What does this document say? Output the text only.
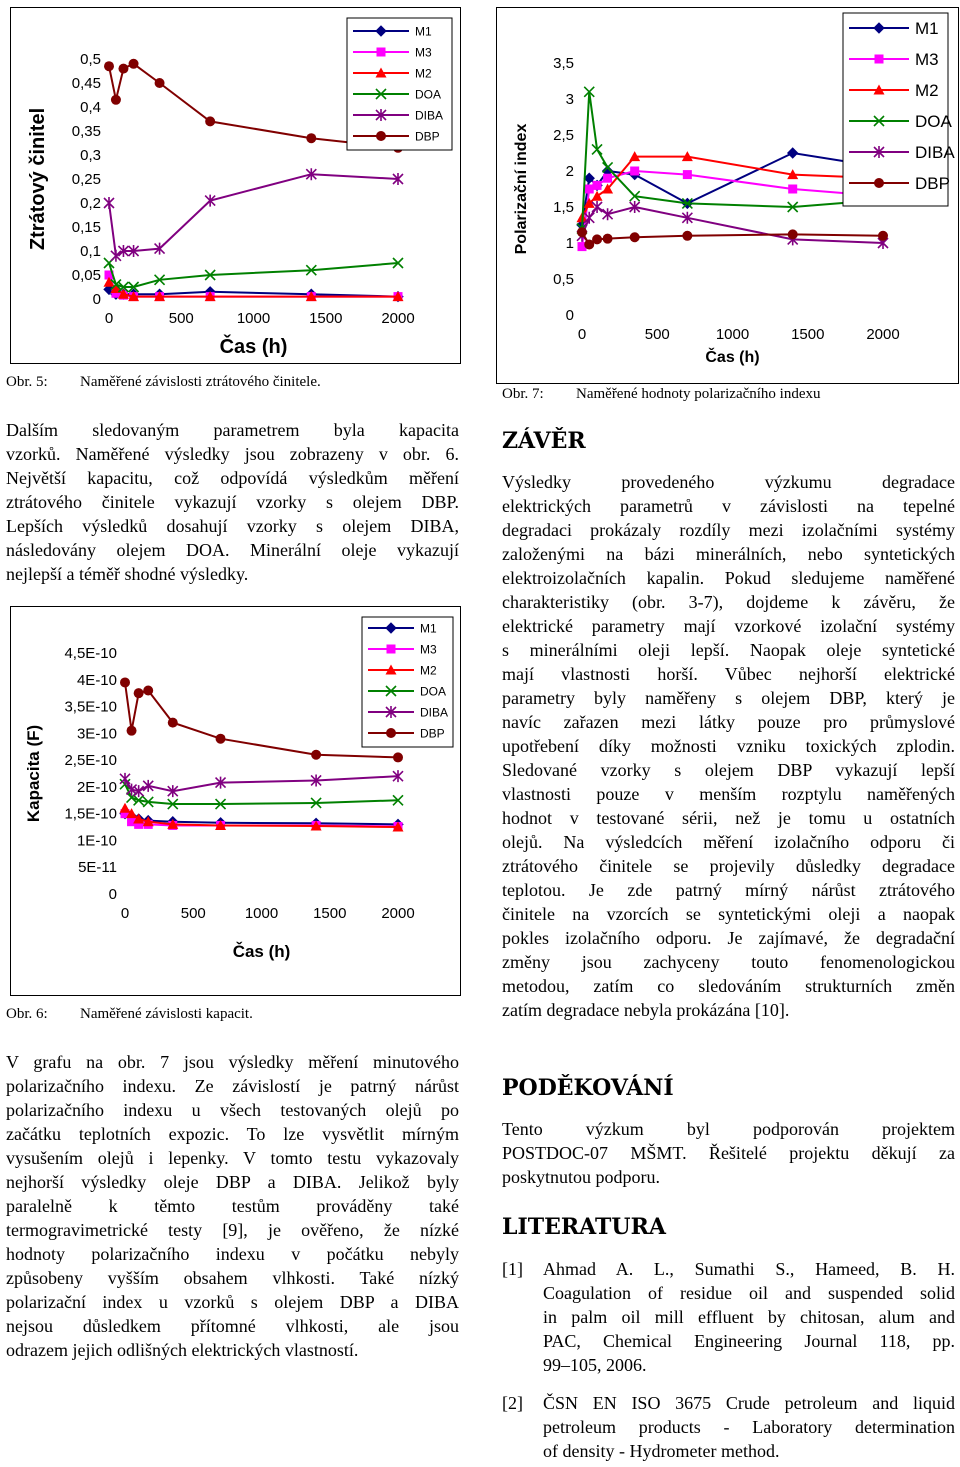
Ztrátový činitel
0,5
0,45
0,4
0,35
0,3
0,25
0,2
0,15
0,1
0,05
0
0	500	1000	1500	2000
Čas (h)
M1
M3
M2
DOA
DIBA
DBP
Obr. 5: Naměřené závislosti ztrátového činitele.
Polarizační index
3,5
3
2,5
2
1,5
1
0,5
0
0	500	1000	1500	2000
Čas (h)
M1
M3
M2
DOA
DIBA
DBP
Obr. 7: Naměřené hodnoty polarizačního indexu
Dalším sledovaným parametrem byla kapacita
vzorků. Naměřené výsledky jsou zobrazeny v obr. 6.
Největší kapacitu, což odpovídá výsledkům měření
ztrátového činitele vykazují vzorky s olejem DBP.
Lepších výsledků dosahují vzorky s olejem DIBA,
následovány olejem DOA. Minerální oleje vykazují
nejlepší a téměř shodné výsledky.
Kapacita (F)
4,5E-10
4E-10
3,5E-10
3E-10
2,5E-10
2E-10
1,5E-10
1E-10
5E-11
0
0	500	1000 1500 2000
Čas (h)
M1
M3
M2
DOA
DIBA
DBP
Obr. 6: Naměřené závislosti kapacit.
V grafu na obr. 7 jsou výsledky měření minutového
polarizačního indexu. Ze závislostí je patrný nárůst
polarizačního indexu u všech testovaných olejů po
začátku teplotních expozic. To lze vysvětlit mírným
vysušením olejů i lepenky. V tomto testu vykazovaly
nejhorší výsledky oleje DBP a DIBA. Jelikož byly
paralelně k těmto testům prováděny také
termogravimetrické testy [9], je ověřeno, že nízké
hodnoty polarizačního indexu v počátku nebyly
způsobeny vyšším obsahem vlhkosti. Také nízký
polarizační index u vzorků s olejem DBP a DIBA
nejsou důsledkem přítomné vlhkosti, ale jsou
odrazem jejich odlišných elektrických vlastností.
ZÁVĚR
Výsledky provedeného výzkumu degradace
elektrických parametrů v závislosti na tepelné
degradaci prokázaly rozdíly mezi izolačními systémy
založenými na bázi minerálních, nebo syntetických
elektroizolačních kapalin. Pokud sledujeme naměřené
charakteristiky (obr. 3-7), dojdeme k závěru, že
elektrické parametry mají vzorkové izolační systémy
s minerálními oleji lepší. Naopak oleje syntetické
mají vlastnosti horší. Vůbec nejhorší elektrické
parametry byly naměřeny s olejem DBP, který je
navíc zařazen mezi látky pouze pro průmyslové
upotřebení díky možnosti vzniku toxických zplodin.
Sledované vzorky s olejem DBP vykazují lepší
vlastnosti pouze v menším rozptylu naměřených
hodnot v testované sérii, než je tomu u ostatních
olejů. Na výsledcích měření izolačního odporu či
ztrátového činitele se projevily důsledky degradace
teplotou. Je zde patrný mírný nárůst ztrátového
činitele na vzorcích se syntetickými oleji a naopak
pokles izolačního odporu. Je zajímavé, že degradační
změny jsou zachyceny touto fenomenologickou
metodou, zatím co sledováním strukturních změn
zatím degradace nebyla prokázána [10].
PODĚKOVÁNÍ
Tento výzkum byl podporován projektem
POSTDOC-07 MŠMT. Řešitelé projektu děkují za
poskytnutou podporu.
LITERATURA
[1] Ahmad A. L., Sumathi S., Hameed, B. H.
Coagulation of residue oil and suspended solid
in palm oil mill effluent by chitosan, alum and
PAC, Chemical Engineering Journal 118, pp.
99–105, 2006.
[2] ČSN EN ISO 3675 Crude petroleum and liquid
petroleum products - Laboratory determination
of density - Hydrometer method.
